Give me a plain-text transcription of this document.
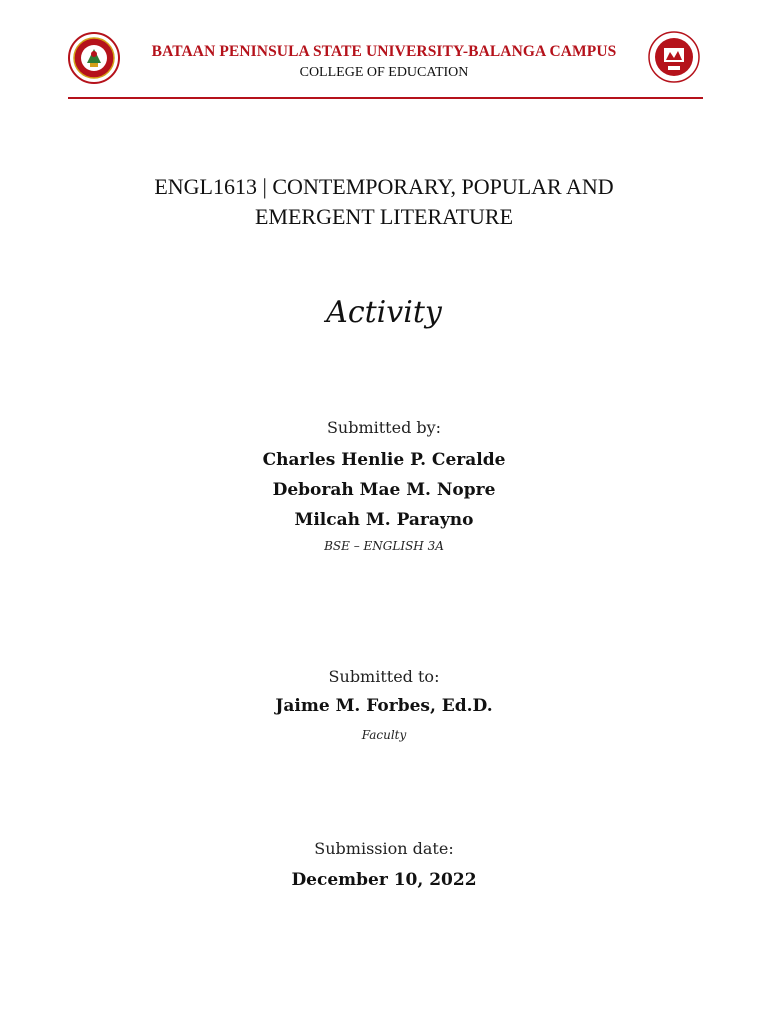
BATAAN PENINSULA STATE UNIVERSITY-BALANGA CAMPUS
COLLEGE OF EDUCATION
ENGL1613 | CONTEMPORARY, POPULAR AND
EMERGENT LITERATURE
Activity
Submitted by:
Charles Henlie P. Ceralde
Deborah Mae M. Nopre
Milcah M. Parayno
BSE – ENGLISH 3A
Submitted to:
Jaime M. Forbes, Ed.D.
Faculty
Submission date:
December 10, 2022
